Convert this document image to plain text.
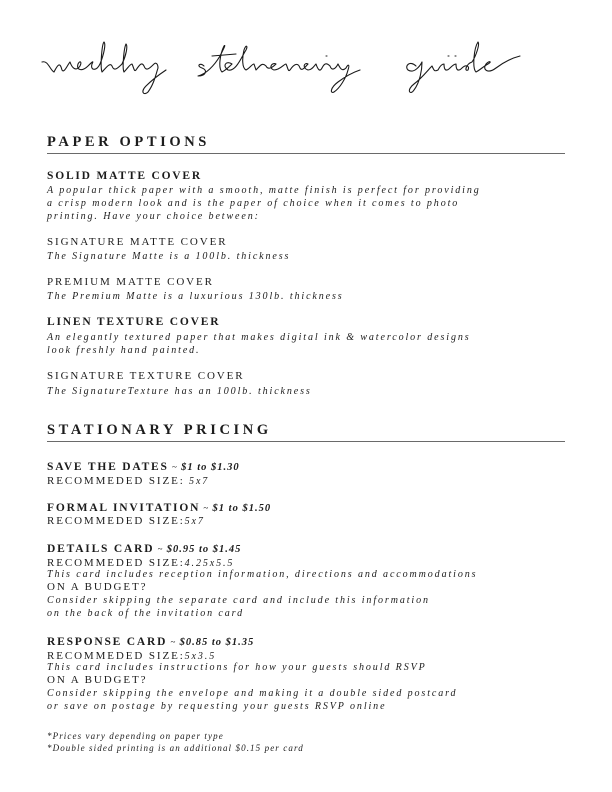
PAPER OPTIONS
SOLID MATTE COVER
A popular thick paper with a smooth, matte finish is perfect for providing
a crisp modern look and is the paper of choice when it comes to photo
printing. Have your choice between:
SIGNATURE MATTE COVER
The Signature Matte is a 100lb. thickness
PREMIUM MATTE COVER
The Premium Matte is a luxurious 130lb. thickness
LINEN TEXTURE COVER
An elegantly textured paper that makes digital ink & watercolor designs
look freshly hand painted.
SIGNATURE TEXTURE COVER
The SignatureTexture has an 100lb. thickness
STATIONARY PRICING
SAVE THE DATES ~ $1 to $1.30
RECOMMEDED SIZE: 5x7
FORMAL INVITATION ~ $1 to $1.50
RECOMMEDED SIZE:5x7
DETAILS CARD ~ $0.95 to $1.45
RECOMMEDED SIZE:4.25x5.5
This card includes reception information, directions and accommodations
ON A BUDGET?
Consider skipping the separate card and include this information
on the back of the invitation card
RESPONSE CARD ~ $0.85 to $1.35
RECOMMEDED SIZE:5x3.5
This card includes instructions for how your guests should RSVP
ON A BUDGET?
Consider skipping the envelope and making it a double sided postcard
or save on postage by requesting your guests RSVP online
*Prices vary depending on paper type
*Double sided printing is an additional $0.15 per card
